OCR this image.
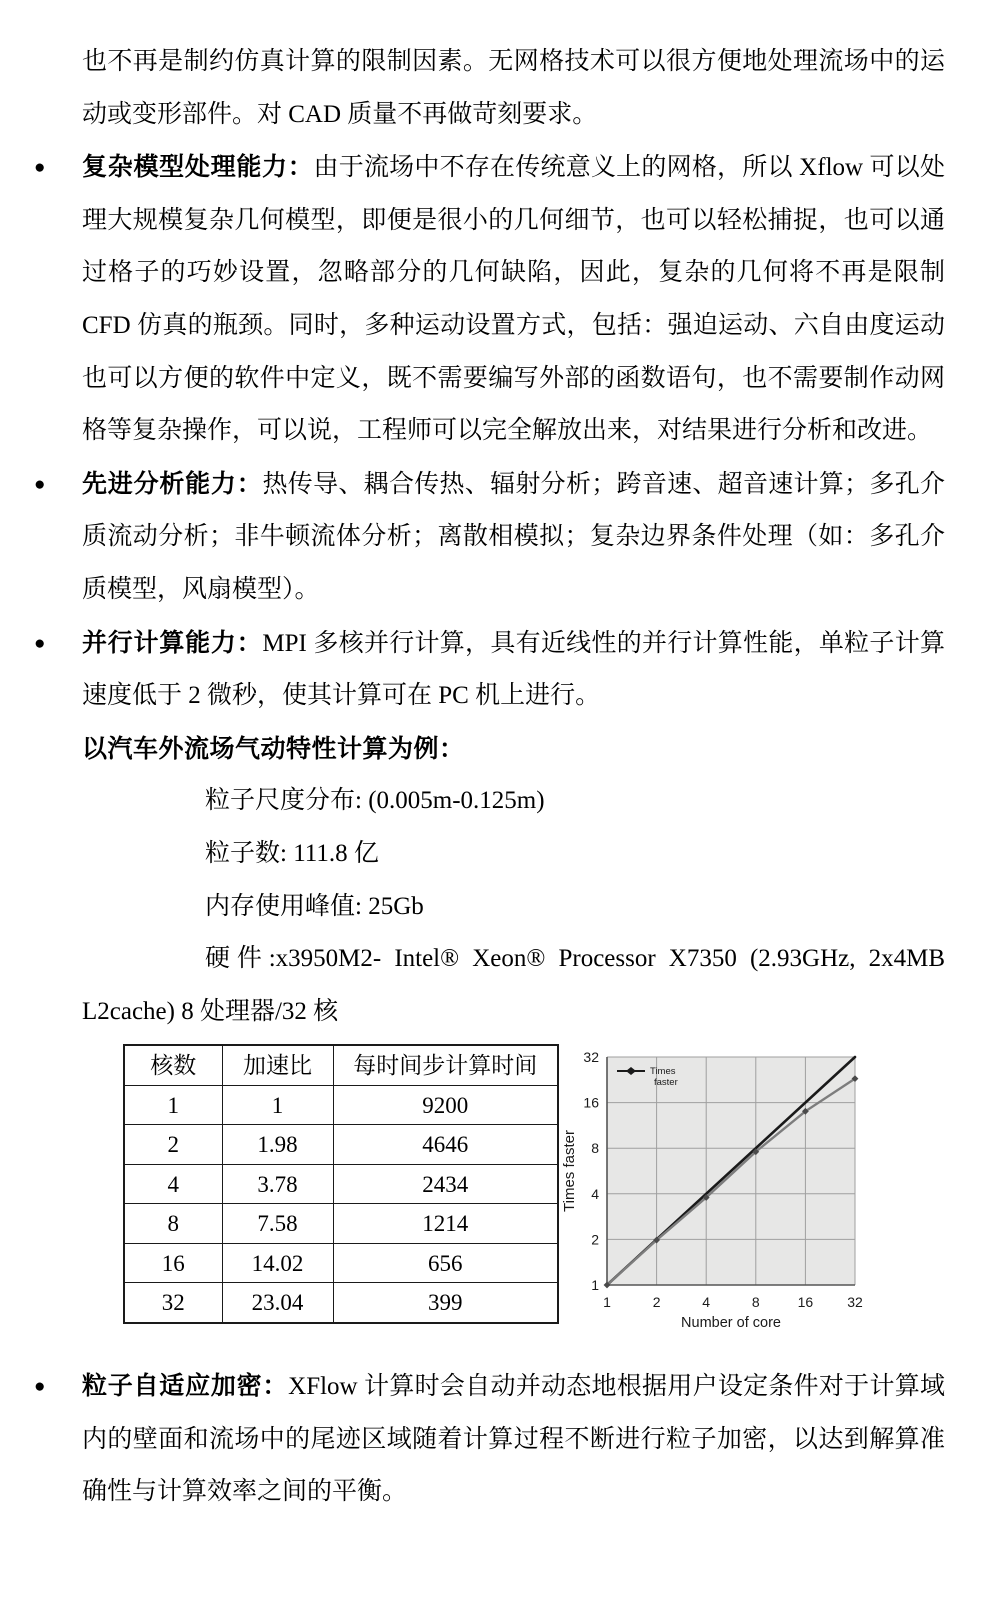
也不再是制约仿真计算的限制因素。无网格技术可以很方便地处理流场中的运动或变形部件。对 CAD 质量不再做苛刻要求。

● 复杂模型处理能力：由于流场中不存在传统意义上的网格，所以 Xflow 可以处理大规模复杂几何模型，即便是很小的几何细节，也可以轻松捕捉，也可以通过格子的巧妙设置，忽略部分的几何缺陷，因此，复杂的几何将不再是限制 CFD 仿真的瓶颈。同时，多种运动设置方式，包括：强迫运动、六自由度运动也可以方便的软件中定义，既不需要编写外部的函数语句，也不需要制作动网格等复杂操作，可以说，工程师可以完全解放出来，对结果进行分析和改进。
● 先进分析能力：热传导、耦合传热、辐射分析；跨音速、超音速计算；多孔介质流动分析；非牛顿流体分析；离散相模拟；复杂边界条件处理（如：多孔介质模型，风扇模型）。
● 并行计算能力：MPI 多核并行计算，具有近线性的并行计算性能，单粒子计算速度低于 2 微秒，使其计算可在 PC 机上进行。

以汽车外流场气动特性计算为例：

粒子尺度分布: (0.005m-0.125m)

粒子数: 111.8 亿

内存使用峰值: 25Gb

硬件:x3950M2- Intel® Xeon® Processor X7350 (2.93GHz, 2x4MB

L2cache) 8 处理器/32 核

核数	加速比	每时间步计算时间
1	1	9200
2	1.98	4646
4	3.78	2434
8	7.58	1214
16	14.02	656
32	23.04	399
1
2
4
8
16
32
1	2	4	8	16 32
Number of core
Times faster
Times faster
● 粒子自适应加密：XFlow 计算时会自动并动态地根据用户设定条件对于计算域内的壁面和流场中的尾迹区域随着计算过程不断进行粒子加密，以达到解算准确性与计算效率之间的平衡。
